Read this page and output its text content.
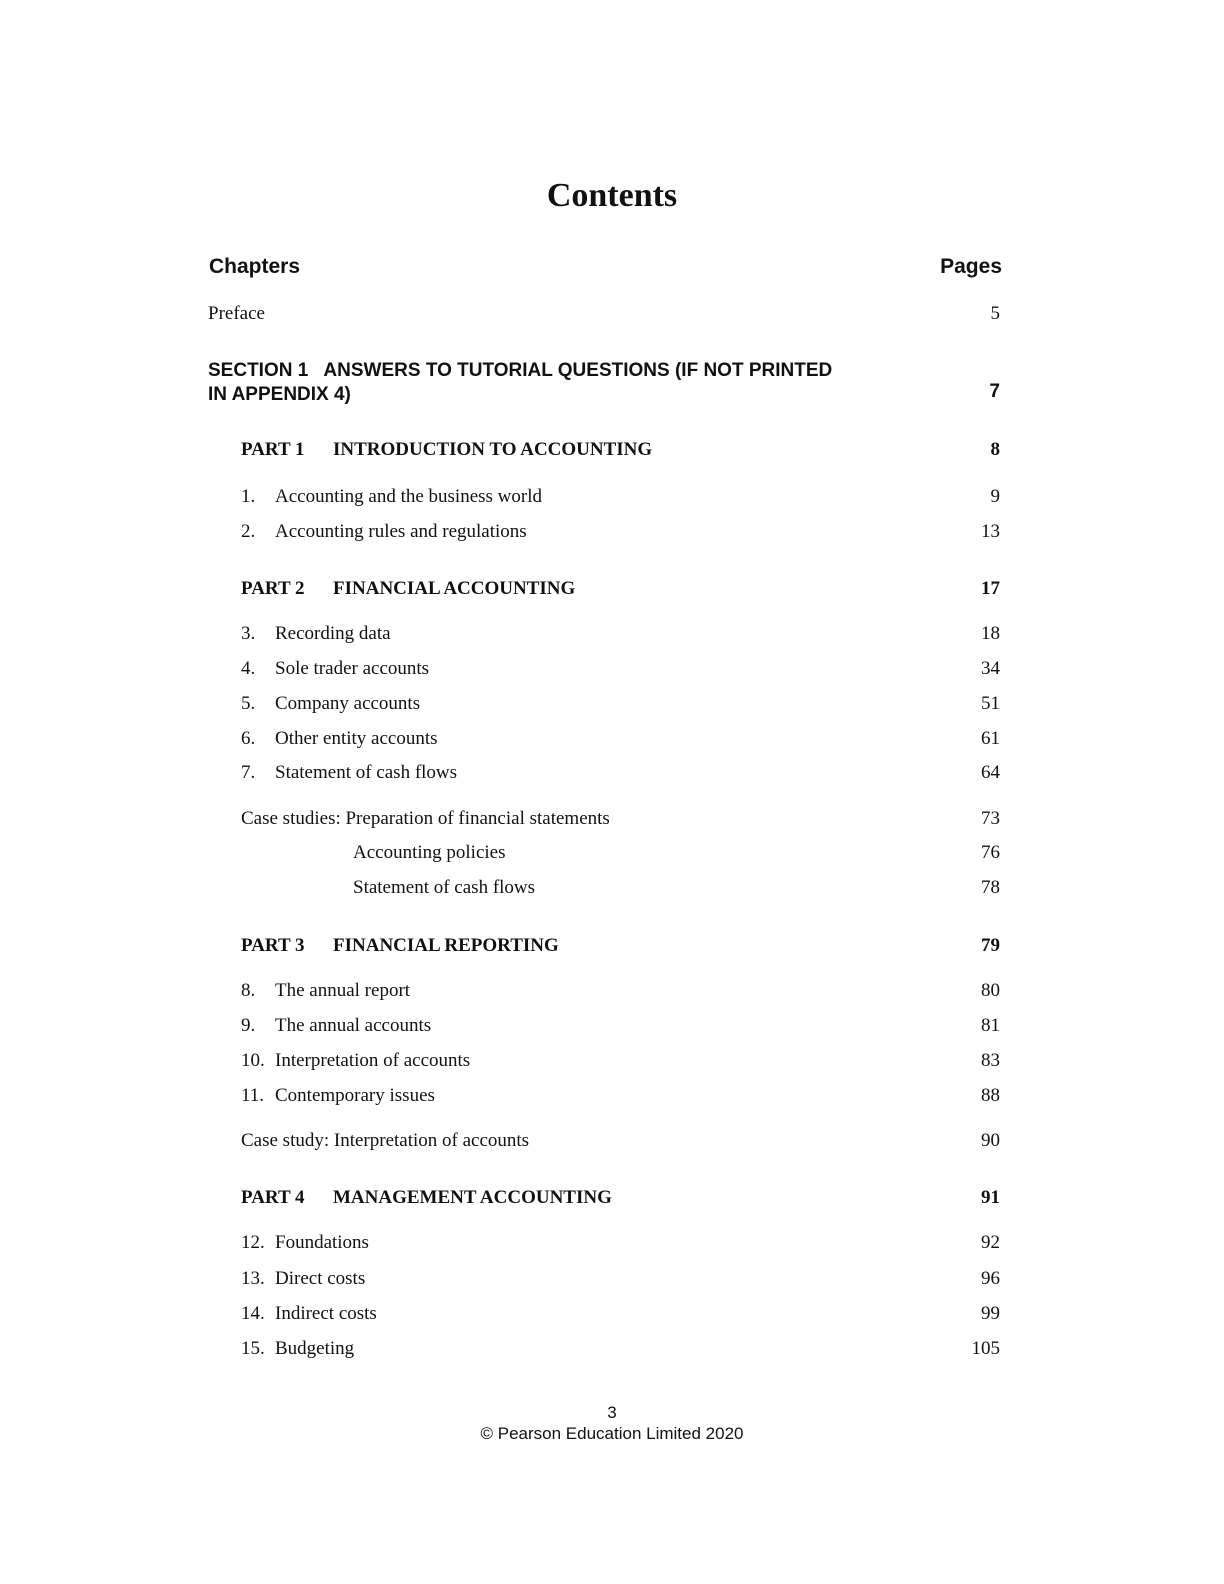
Contents
Chapters	Pages
Preface	5
SECTION 1   ANSWERS TO TUTORIAL QUESTIONS (IF NOT PRINTED
IN APPENDIX 4)	7
PART 1 INTRODUCTION TO ACCOUNTING	8
1. Accounting and the business world	9
2. Accounting rules and regulations	13
PART 2 FINANCIAL ACCOUNTING	17
3. Recording data	18
4. Sole trader accounts	34
5. Company accounts	51
6. Other entity accounts	61
7. Statement of cash flows	64
Case studies: Preparation of financial statements	73
Accounting policies	76
Statement of cash flows	78
PART 3 FINANCIAL REPORTING	79
8. The annual report	80
9. The annual accounts	81
10. Interpretation of accounts	83
11. Contemporary issues	88
Case study: Interpretation of accounts	90
PART 4 MANAGEMENT ACCOUNTING	91
12. Foundations	92
13. Direct costs	96
14. Indirect costs	99
15. Budgeting	105
3
© Pearson Education Limited 2020
